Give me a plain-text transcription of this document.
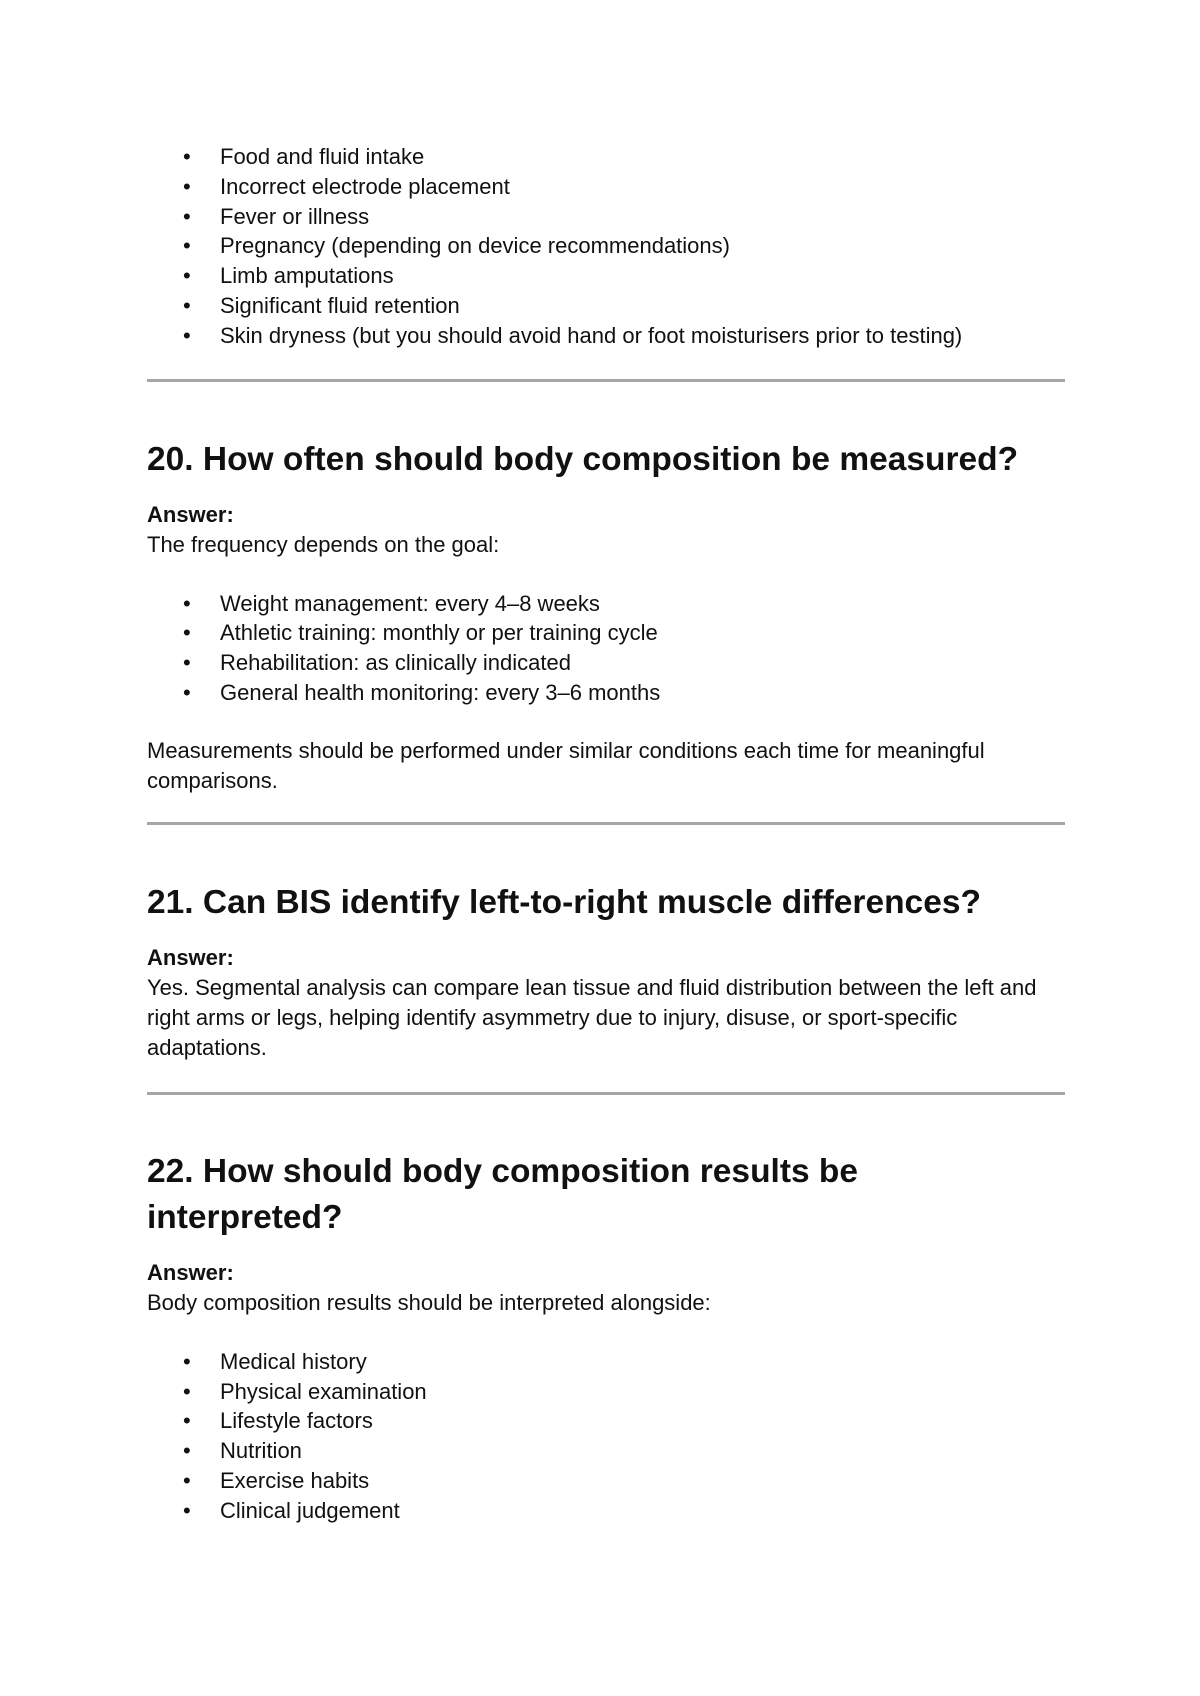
• Food and fluid intake
• Incorrect electrode placement
• Fever or illness
• Pregnancy (depending on device recommendations)
• Limb amputations
• Significant fluid retention
• Skin dryness (but you should avoid hand or foot moisturisers prior to testing)
20. How often should body composition be measured?
Answer:

The frequency depends on the goal:

• Weight management: every 4–8 weeks
• Athletic training: monthly or per training cycle
• Rehabilitation: as clinically indicated
• General health monitoring: every 3–6 months

Measurements should be performed under similar conditions each time for meaningful comparisons.

21. Can BIS identify left-to-right muscle differences?
Answer:

Yes. Segmental analysis can compare lean tissue and fluid distribution between the left and right arms or legs, helping identify asymmetry due to injury, disuse, or sport-specific adaptations.

22. How should body composition results be interpreted?
Answer:

Body composition results should be interpreted alongside:

• Medical history
• Physical examination
• Lifestyle factors
• Nutrition
• Exercise habits
• Clinical judgement
